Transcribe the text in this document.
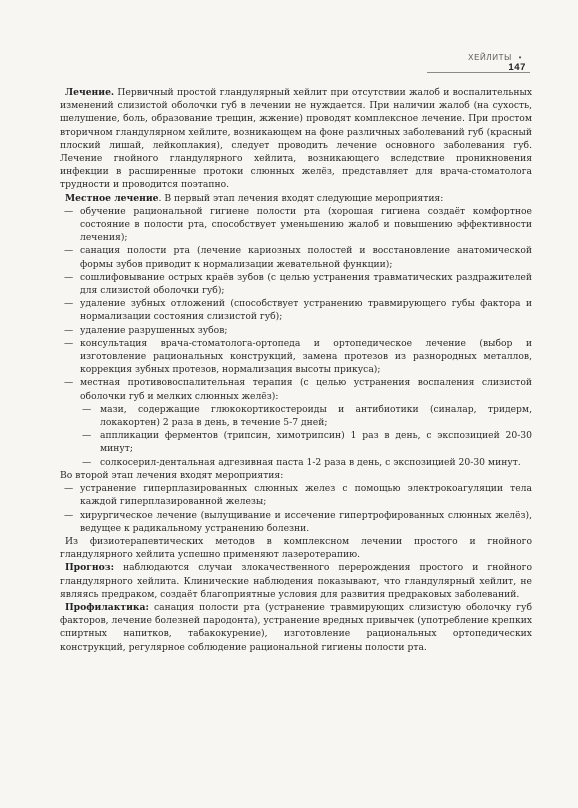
ХЕЙЛИТЫ • 147

Лечение. Первичный простой гландулярный хейлит при отсутствии жалоб и воспалительных изменений слизистой оболочки губ в лечении не нуждается. При наличии жалоб (на сухость, шелушение, боль, образование трещин, жжение) проводят комплексное лечение. При простом вторичном гландулярном хейлите, возникающем на фоне различных заболеваний губ (красный плоский лишай, лейкоплакия), следует проводить лечение основного заболевания губ. Лечение гнойного гландулярного хейлита, возникающего вследствие проникновения инфекции в расширенные протоки слюнных желёз, представляет для врача-стоматолога трудности и проводится поэтапно.

Местное лечение. В первый этап лечения входят следующие мероприятия:

— обучение рациональной гигиене полости рта (хорошая гигиена создаёт комфортное состояние в полости рта, способствует уменьшению жалоб и повышению эффективности лечения);
— санация полости рта (лечение кариозных полостей и восстановление анатомической формы зубов приводит к нормализации жевательной функции);
— сошлифовывание острых краёв зубов (с целью устранения травматических раздражителей для слизистой оболочки губ);
— удаление зубных отложений (способствует устранению травмирующего губы фактора и нормализации состояния слизистой губ);
— удаление разрушенных зубов;
— консультация врача-стоматолога-ортопеда и ортопедическое лечение (выбор и изготовление рациональных конструкций, замена протезов из разнородных металлов, коррекция зубных протезов, нормализация высоты прикуса);
— местная противовоспалительная терапия (с целью устранения воспаления слизистой оболочки губ и мелких слюнных желёз):
— мази, содержащие глюкокортикостероиды и антибиотики (синалар, тридерм, локакортен) 2 раза в день, в течение 5-7 дней;
— аппликации ферментов (трипсин, химотрипсин) 1 раз в день, с экспозицией 20-30 минут;
— солкосерил-дентальная адгезивная паста 1-2 раза в день, с экспозицией 20-30 минут.

Во второй этап лечения входят мероприятия:

— устранение гиперплазированных слюнных желез с помощью электрокоагуляции тела каждой гиперплазированной железы;
— хирургическое лечение (вылущивание и иссечение гипертрофированных слюнных желёз), ведущее к радикальному устранению болезни.

Из физиотерапевтических методов в комплексном лечении простого и гнойного гландулярного хейлита успешно применяют лазеротерапию.

Прогноз: наблюдаются случаи злокачественного перерождения простого и гнойного гландулярного хейлита. Клинические наблюдения показывают, что гландулярный хейлит, не являясь предраком, создаёт благоприятные условия для развития предраковых заболеваний.

Профилактика: санация полости рта (устранение травмирующих слизистую оболочку губ факторов, лечение болезней пародонта), устранение вредных привычек (употребление крепких спиртных напитков, табакокурение), изготовление рациональных ортопедических конструкций, регулярное соблюдение рациональной гигиены полости рта.
